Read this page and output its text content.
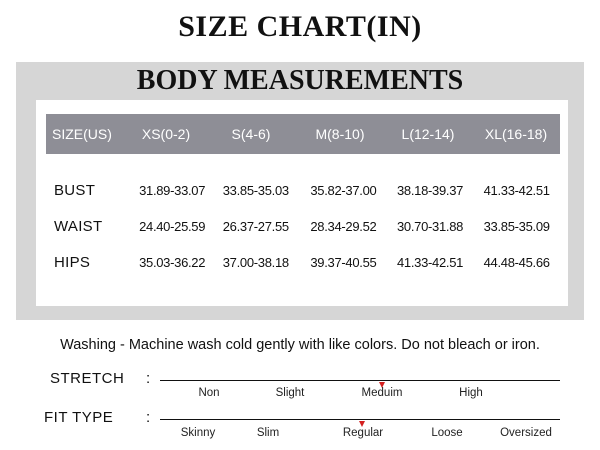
SIZE CHART(IN)
BODY MEASUREMENTS
SIZE(US)	XS(0-2)	S(4-6)	M(8-10)	L(12-14)	XL(16-18)
BUST	31.89-33.07	33.85-35.03	35.82-37.00	38.18-39.37	41.33-42.51
WAIST	24.40-25.59	26.37-27.55	28.34-29.52	30.70-31.88	33.85-35.09
HIPS	35.03-36.22	37.00-38.18	39.37-40.55	41.33-42.51	44.48-45.66
Washing - Machine wash cold gently with like colors. Do not bleach or iron.
STRETCH :
Non	Slight	Meduim	High
FIT TYPE :
Skinny	Slim	Regular	Loose	Oversized
